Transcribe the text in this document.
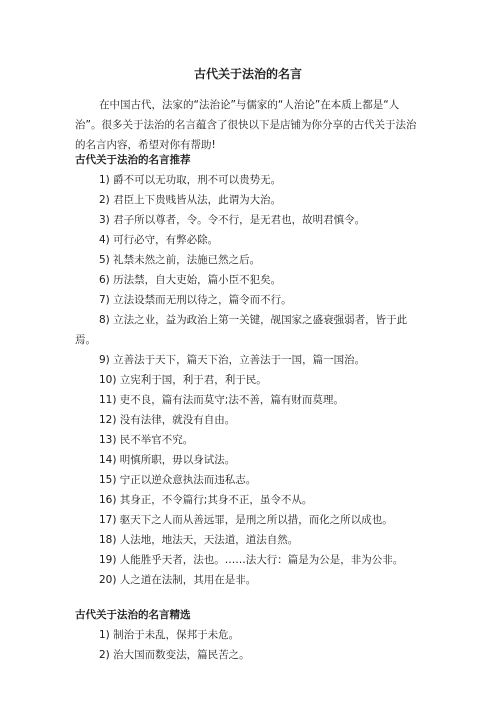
古代关于法治的名言

在中国古代，法家的“法治论”与儒家的“人治论”在本质上都是“人治”。很多关于法治的名言蕴含了很快以下是店铺为你分享的古代关于法治的名言内容，希望对你有帮助!

古代关于法治的名言推荐

1) 爵不可以无功取，刑不可以贵势无。
2) 君臣上下贵贱皆从法，此谓为大治。
3) 君子所以尊者，令。令不行，是无君也，故明君慎令。
4) 可行必守，有弊必除。
5) 礼禁未然之前，法施已然之后。
6) 历法禁，自大吏始，篇小臣不犯矣。
7) 立法设禁而无刑以待之，篇令而不行。
8) 立法之业，益为政治上第一关键，觇国家之盛衰强弱者，皆于此焉。
9) 立善法于天下，篇天下治，立善法于一国，篇一国治。
10) 立宪利于国，利于君，利于民。
11) 吏不良，篇有法而莫守;法不善，篇有财而莫理。
12) 没有法律，就没有自由。
13) 民不举官不究。
14) 明慎所职，毋以身试法。
15) 宁正以逆众意执法而违私志。
16) 其身正，不令篇行;其身不正，虽令不从。
17) 驱天下之人而从善远罪，是刑之所以措，而化之所以成也。
18) 人法地，地法天，天法道，道法自然。
19) 人能胜乎天者，法也。……法大行：篇是为公是，非为公非。
20) 人之道在法制，其用在是非。

古代关于法治的名言精选

1) 制治于未乱，保邦于未危。
2) 治大国而数变法，篇民苦之。
